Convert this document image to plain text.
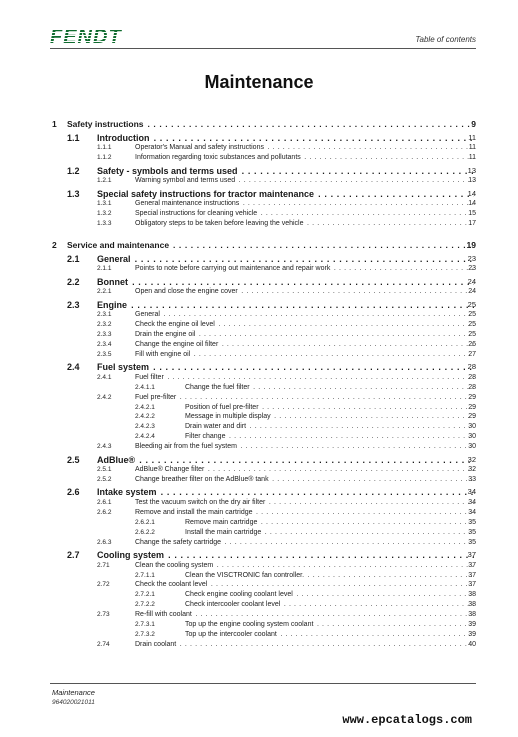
FENDT	Table of contents
Maintenance
1 Safety instructions . . .	9
1.1 Introduction . . .	11
1.1.1	Operator's Manual and safety instructions . . .	11
1.1.2	Information regarding toxic substances and pollutants . . .	11
1.2 Safety - symbols and terms used . . .	13
1.2.1	Warning symbol and terms used . . .	13
1.3 Special safety instructions for tractor maintenance . . .	14
1.3.1	General maintenance instructions . . .	14
1.3.2	Special instructions for cleaning vehicle . . .	15
1.3.3	Obligatory steps to be taken before leaving the vehicle . . .	17
2 Service and maintenance . . .	19
2.1 General . . .	23
2.1.1	Points to note before carrying out maintenance and repair work . . .	23
2.2 Bonnet . . .	24
2.2.1	Open and close the engine cover . . .	24
2.3 Engine . . .	25
2.3.1	General . . .	25
2.3.2	Check the engine oil level . . .	25
2.3.3	Drain the engine oil . . .	25
2.3.4	Change the engine oil filter . . .	26
2.3.5	Fill with engine oil . . .	27
2.4 Fuel system . . .	28
2.4.1	Fuel filter . . .	28
2.4.1.1	Change the fuel filter . . .	28
2.4.2	Fuel pre-filter . . .	29
2.4.2.1	Position of fuel pre-filter . . .	29
2.4.2.2	Message in multiple display . . .	29
2.4.2.3	Drain water and dirt . . .	30
2.4.2.4	Filter change . . .	30
2.4.3	Bleeding air from the fuel system . . .	30
2.5 AdBlue® . . .	32
2.5.1	AdBlue® Change filter . . .	32
2.5.2	Change breather filter on the AdBlue® tank . . .	33
2.6 Intake system . . .	34
2.6.1	Test the vacuum switch on the dry air filter . . .	34
2.6.2	Remove and install the main cartridge . . .	34
2.6.2.1	Remove main cartridge . . .	35
2.6.2.2	Install the main cartridge . . .	35
2.6.3	Change the safety cartridge . . .	35
2.7 Cooling system . . .	37
2.71	Clean the cooling system . . .	37
2.7.1.1	Clean the VISCTRONIC fan controller. . . .	37
2.72	Check the coolant level . . .	37
2.7.2.1	Check engine cooling coolant level . . .	38
2.7.2.2	Check intercooler coolant level . . .	38
2.73	Re-fill with coolant . . .	38
2.7.3.1	Top up the engine cooling system coolant . . .	39
2.7.3.2	Top up the intercooler coolant . . .	39
2.74	Drain coolant . . .	40
Maintenance
964020021011
www.epcatalogs.com
